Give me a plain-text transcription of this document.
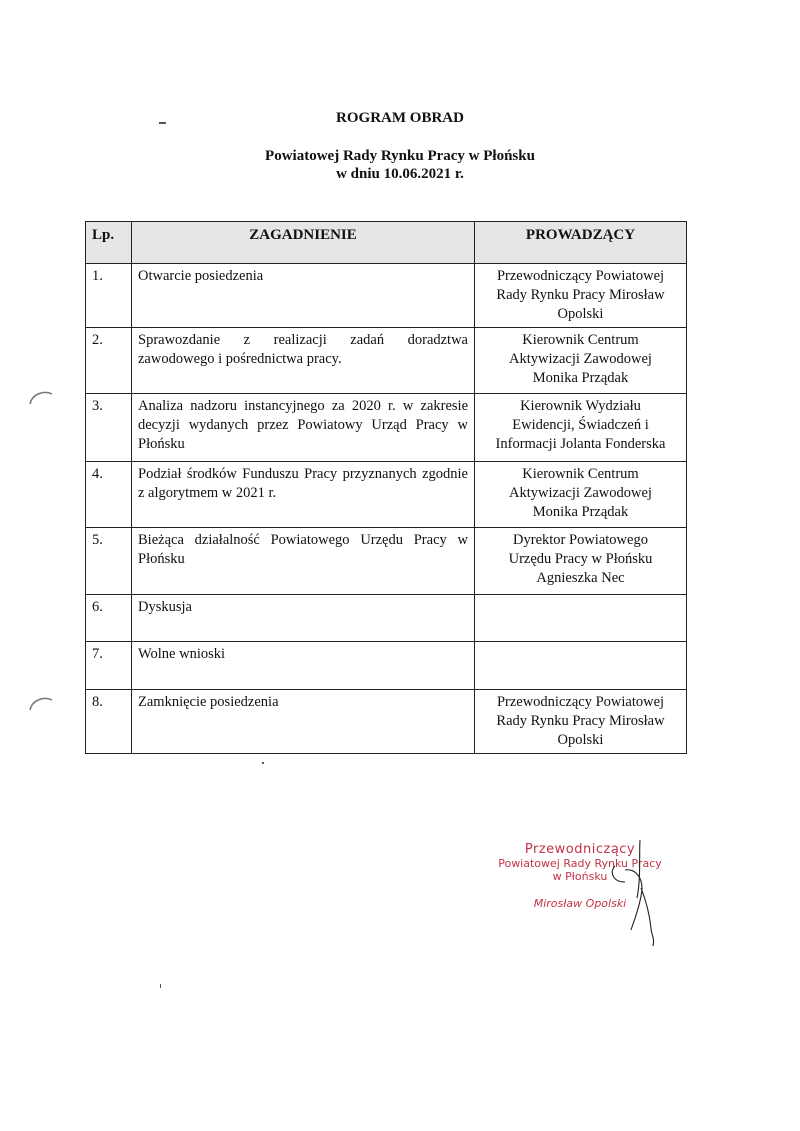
ROGRAM OBRAD
Powiatowej Rady Rynku Pracy w Płońsku
w dniu 10.06.2021 r.
Lp.	ZAGADNIENIE	PROWADZĄCY
1.	Otwarcie posiedzenia	Przewodniczący Powiatowej
Rady Rynku Pracy Mirosław
Opolski

2.	Sprawozdanie z realizacji zadań doradztwa zawodowego i pośrednictwa pracy.	Kierownik Centrum
Aktywizacji Zawodowej
Monika Prządak

3.	Analiza nadzoru instancyjnego za 2020 r. w zakresie decyzji wydanych przez Powiatowy Urząd Pracy w Płońsku	Kierownik Wydziału
Ewidencji, Świadczeń i
Informacji Jolanta Fonderska

4.	Podział środków Funduszu Pracy przyznanych zgodnie z algorytmem w 2021 r.	Kierownik Centrum
Aktywizacji Zawodowej
Monika Prządak

5.	Bieżąca działalność Powiatowego Urzędu Pracy w Płońsku	Dyrektor Powiatowego
Urzędu Pracy w Płońsku
Agnieszka Nec

6.	Dyskusja	

7.	Wolne wnioski	

8.	Zamknięcie posiedzenia	Przewodniczący Powiatowej
Rady Rynku Pracy Mirosław
Opolski
Przewodniczący
Powiatowej Rady Rynku Pracy
w Płońsku
Mirosław Opolski
